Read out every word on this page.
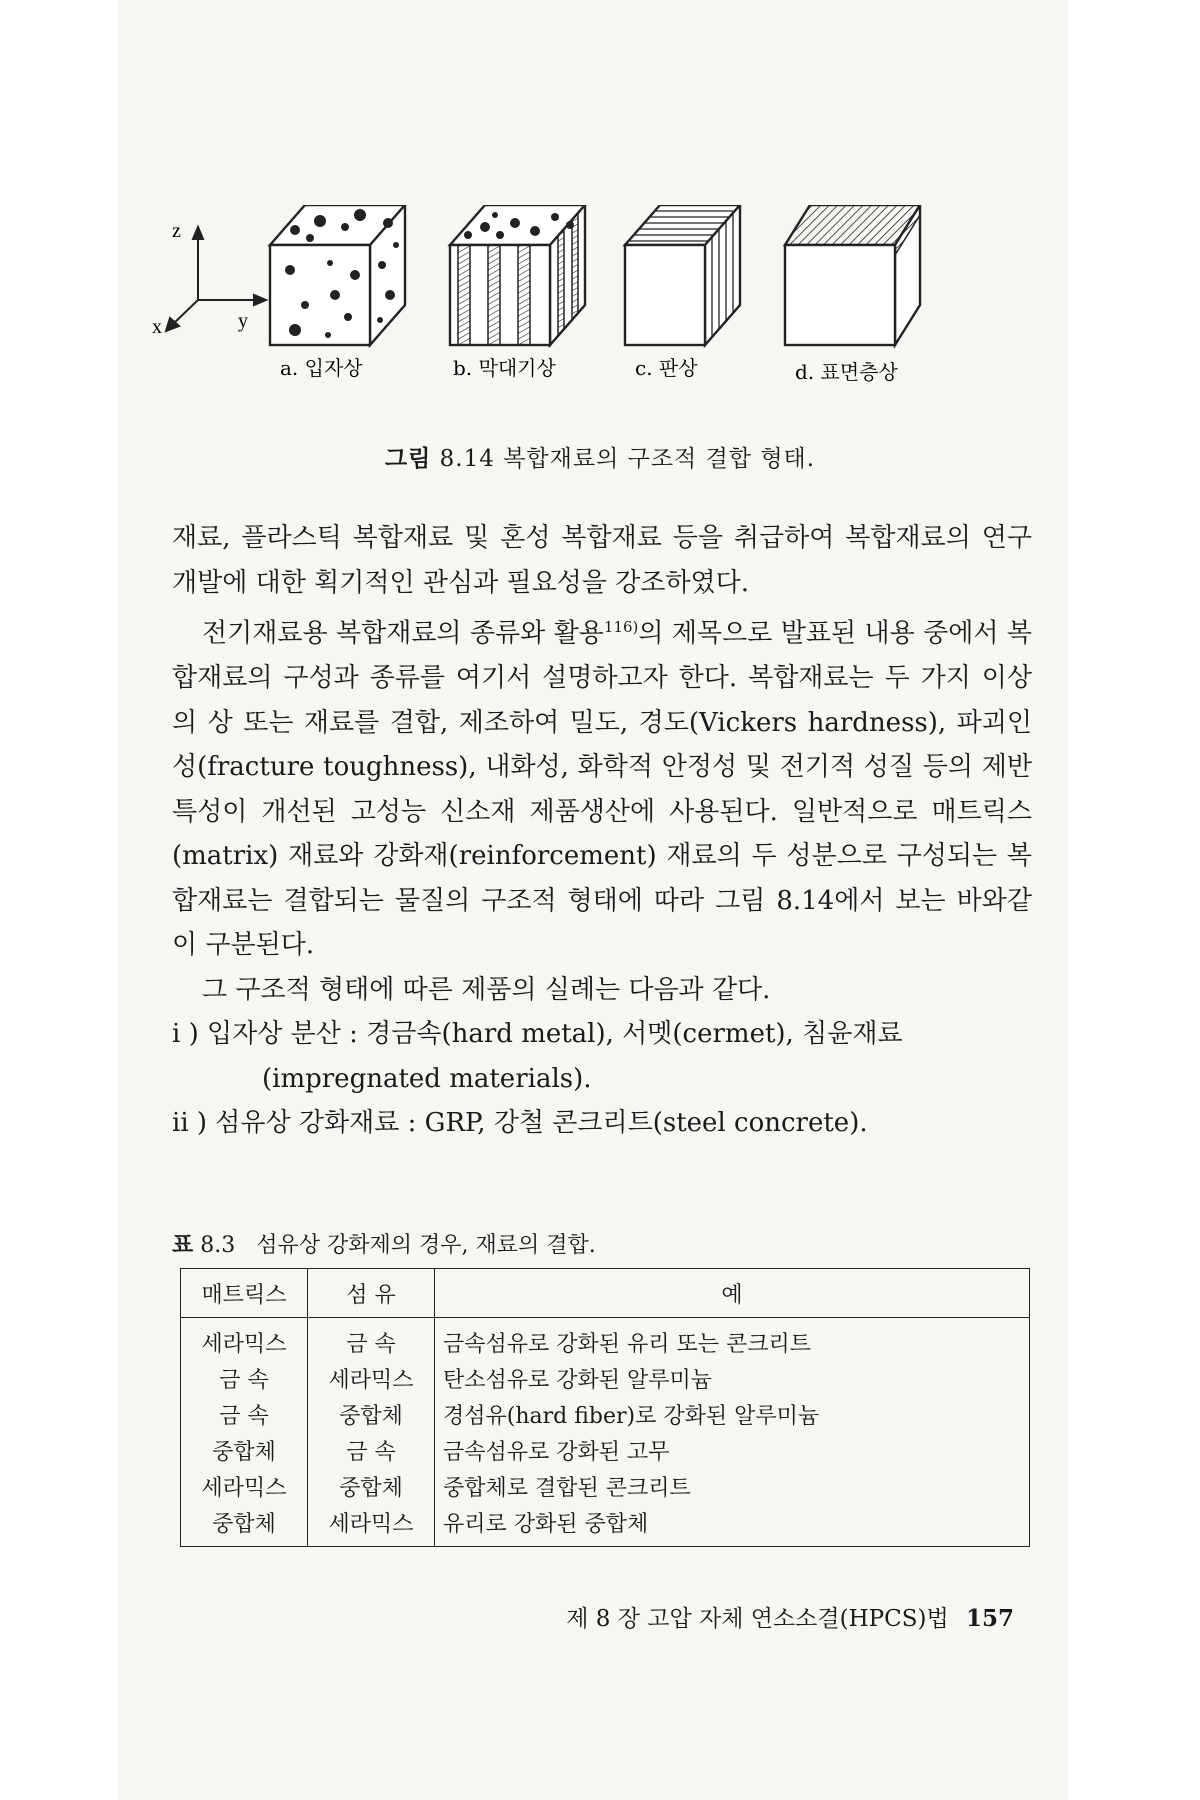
z
y
x
a. 입자상	b. 막대기상	c. 판상	d. 표면층상
그림 8.14 복합재료의 구조적 결합 형태.

재료, 플라스틱 복합재료 및 혼성 복합재료 등을 취급하여 복합재료의 연구개발에 대한 획기적인 관심과 필요성을 강조하였다.

전기재료용 복합재료의 종류와 활용$^{116)}$의 제목으로 발표된 내용 중에서 복합재료의 구성과 종류를 여기서 설명하고자 한다. 복합재료는 두 가지 이상의 상 또는 재료를 결합, 제조하여 밀도, 경도(Vickers hardness), 파괴인성(fracture toughness), 내화성, 화학적 안정성 및 전기적 성질 등의 제반 특성이 개선된 고성능 신소재 제품생산에 사용된다. 일반적으로 매트릭스(matrix) 재료와 강화재(reinforcement) 재료의 두 성분으로 구성되는 복합재료는 결합되는 물질의 구조적 형태에 따라 그림 8.14에서 보는 바와같이 구분된다.

그 구조적 형태에 따른 제품의 실례는 다음과 같다.

i ) 입자상 분산 : 경금속(hard metal), 서멧(cermet), 침윤재료
(impregnated materials).

ii ) 섬유상 강화재료 : GRP, 강철 콘크리트(steel concrete).

표 8.3 섬유상 강화제의 경우, 재료의 결합.
매트릭스	섬 유	예
세라믹스	금 속	금속섬유로 강화된 유리 또는 콘크리트
금 속	세라믹스	탄소섬유로 강화된 알루미늄
금 속	중합체	경섬유(hard fiber)로 강화된 알루미늄
중합체	금 속	금속섬유로 강화된 고무
세라믹스	중합체	중합체로 결합된 콘크리트
중합체	세라믹스	유리로 강화된 중합체
제 8 장 고압 자체 연소소결(HPCS)법 157
